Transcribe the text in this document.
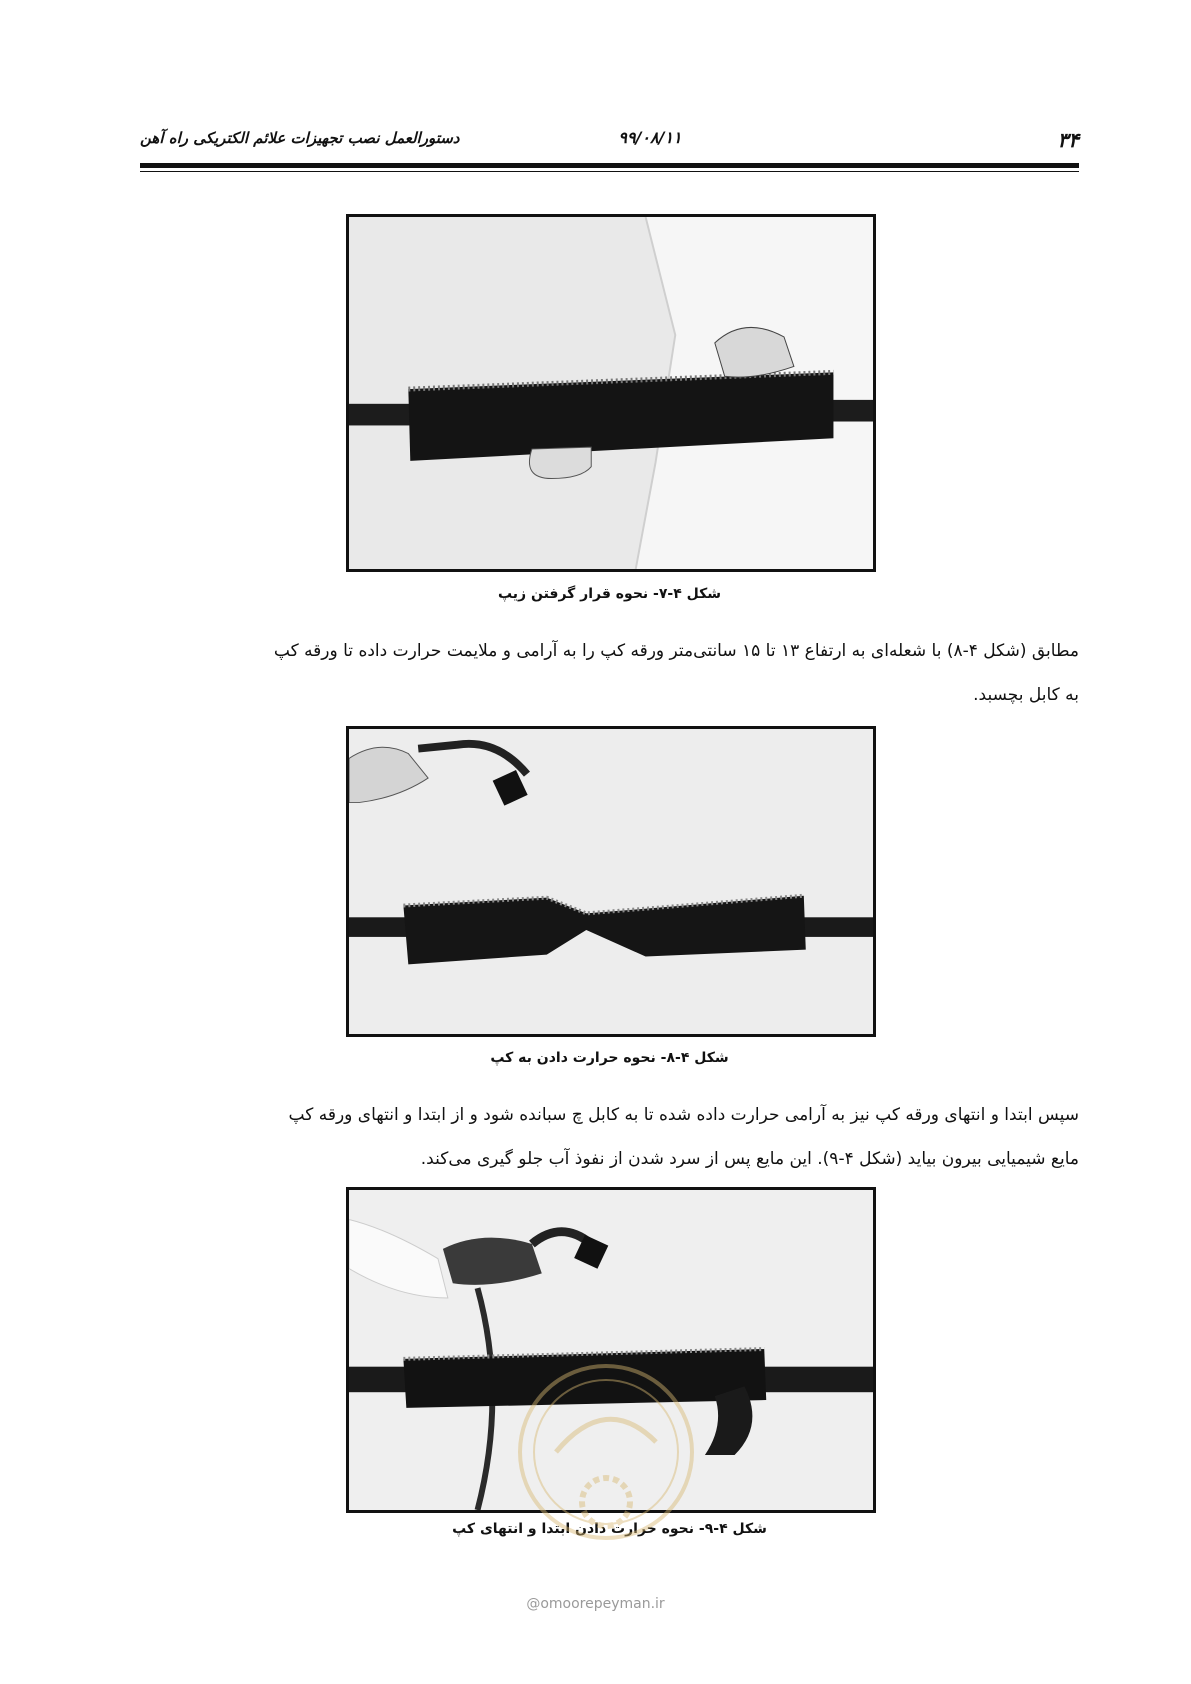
۳۴
۹۹/۰۸/۱۱
دستورالعمل نصب تجهیزات علائم الکتریکی راه آهن
شکل ۴-۷- نحوه قرار گرفتن زیپ
مطابق (شکل ۴-۸) با شعله‌ای به ارتفاع ۱۳ تا ۱۵ سانتی‌متر ورقه کپ را به آرامی و ملایمت حرارت داده تا ورقه کپ
به کابل بچسبد.
شکل ۴-۸- نحوه حرارت دادن به کپ
سپس ابتدا و انتهای ورقه کپ نیز به آرامی حرارت داده شده تا به کابل چ سبانده شود و از ابتدا و انتهای ورقه کپ
مایع شیمیایی بیرون بیاید (شکل ۴-۹). این مایع پس از سرد شدن از نفوذ آب جلو گیری می‌کند.
شکل ۴-۹- نحوه حرارت دادن ابتدا و انتهای کپ
@omoorepeyman.ir
